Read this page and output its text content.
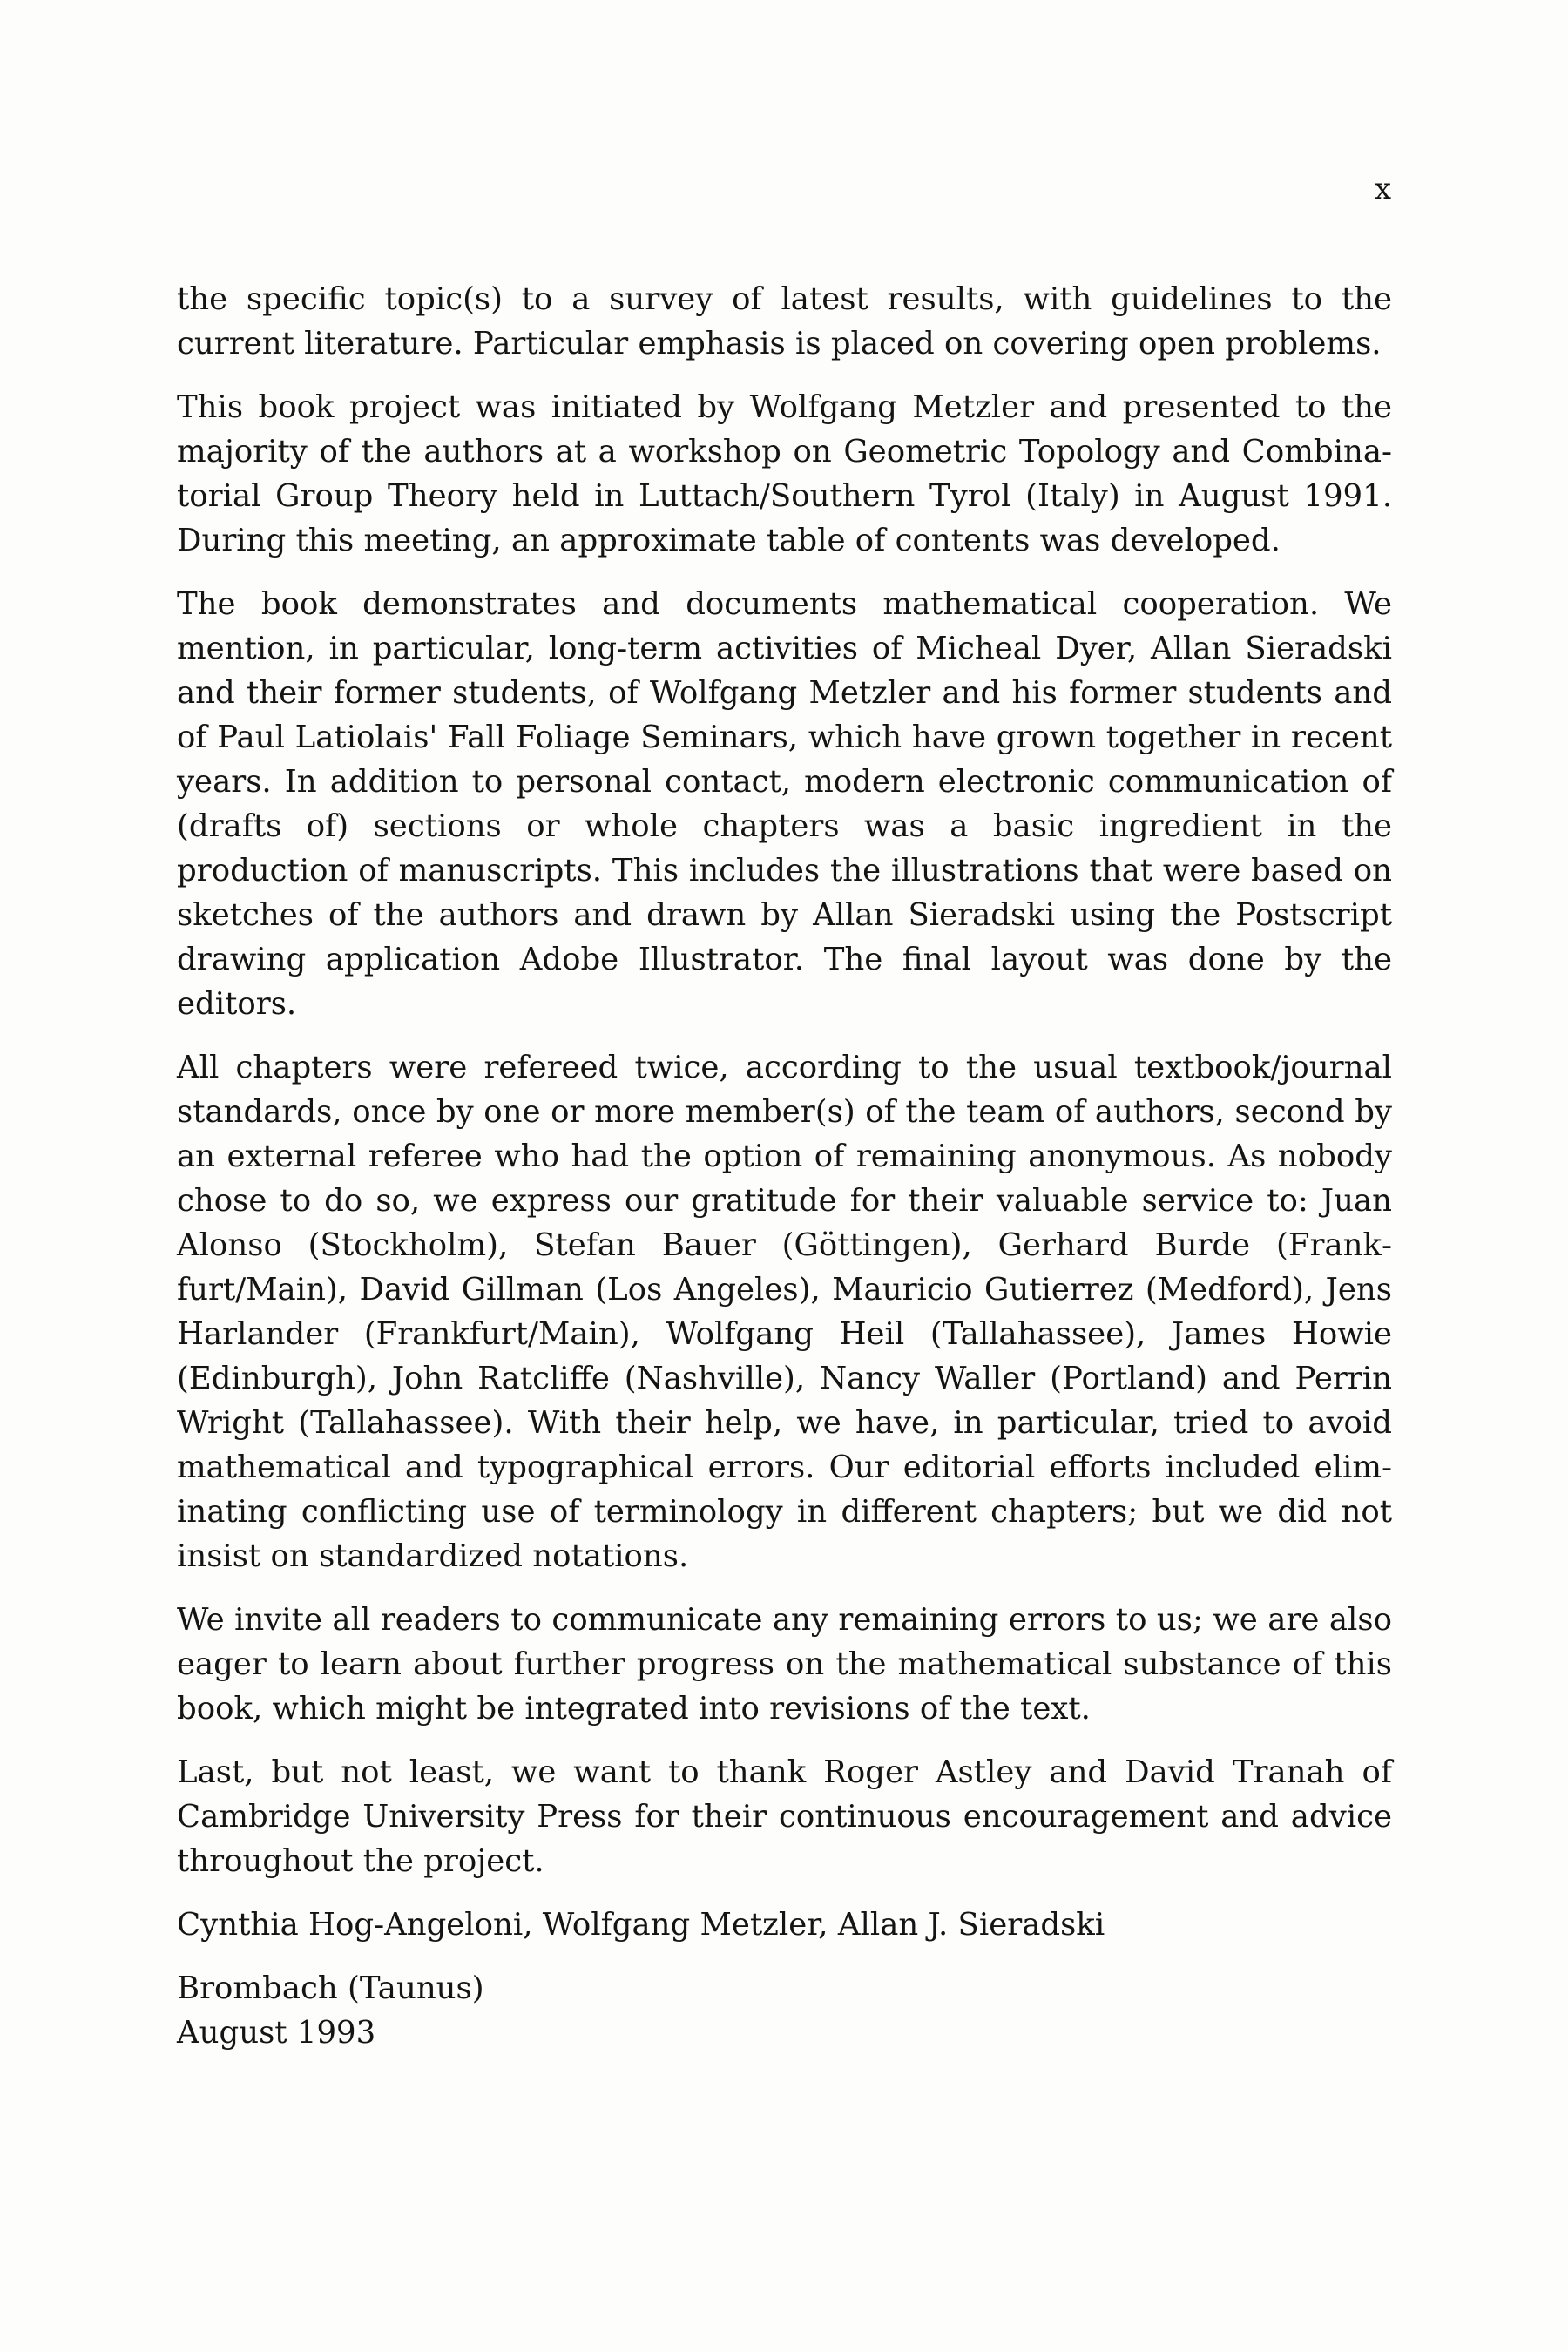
x

the specific topic(s) to a survey of latest results, with guidelines to the current literature. Particular emphasis is placed on covering open problems.

This book project was initiated by Wolfgang Metzler and presented to the majority of the authors at a workshop on Geometric Topology and Combinatorial Group Theory held in Luttach/Southern Tyrol (Italy) in August 1991. During this meeting, an approximate table of contents was developed.

The book demonstrates and documents mathematical cooperation. We mention, in particular, long-term activities of Micheal Dyer, Allan Sieradski and their former students, of Wolfgang Metzler and his former students and of Paul Latiolais' Fall Foliage Seminars, which have grown together in recent years. In addition to personal contact, modern electronic communication of (drafts of) sections or whole chapters was a basic ingredient in the production of manuscripts. This includes the illustrations that were based on sketches of the authors and drawn by Allan Sieradski using the Postscript drawing application Adobe Illustrator. The final layout was done by the editors.

All chapters were refereed twice, according to the usual textbook/journal standards, once by one or more member(s) of the team of authors, second by an external referee who had the option of remaining anonymous. As nobody chose to do so, we express our gratitude for their valuable service to: Juan Alonso (Stockholm), Stefan Bauer (Göttingen), Gerhard Burde (Frankfurt/Main), David Gillman (Los Angeles), Mauricio Gutierrez (Medford), Jens Harlander (Frankfurt/Main), Wolfgang Heil (Tallahassee), James Howie (Edinburgh), John Ratcliffe (Nashville), Nancy Waller (Portland) and Perrin Wright (Tallahassee). With their help, we have, in particular, tried to avoid mathematical and typographical errors. Our editorial efforts included eliminating conflicting use of terminology in different chapters; but we did not insist on standardized notations.

We invite all readers to communicate any remaining errors to us; we are also eager to learn about further progress on the mathematical substance of this book, which might be integrated into revisions of the text.

Last, but not least, we want to thank Roger Astley and David Tranah of Cambridge University Press for their continuous encouragement and advice throughout the project.

Cynthia Hog-Angeloni, Wolfgang Metzler, Allan J. Sieradski

Brombach (Taunus)
August 1993
